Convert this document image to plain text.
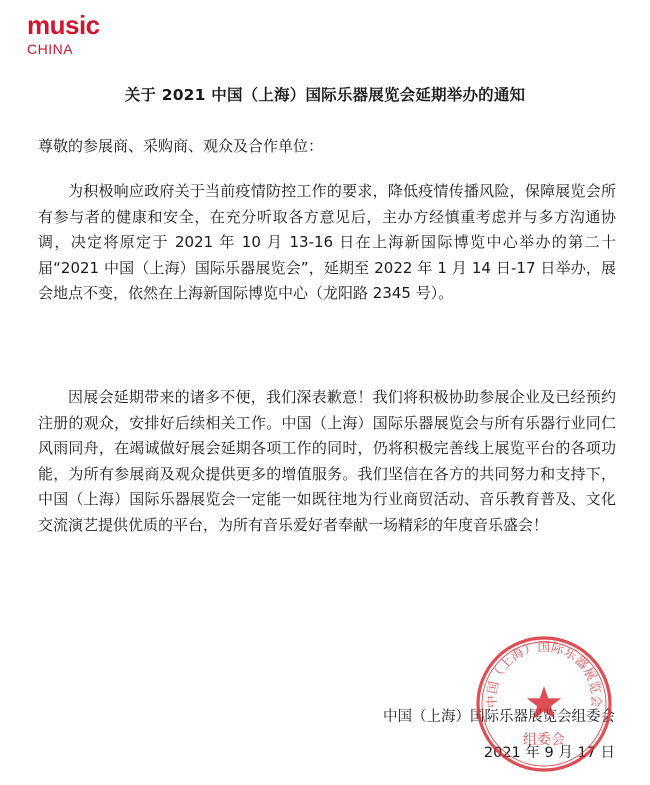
music
CHINA
关于 2021 中国（上海）国际乐器展览会延期举办的通知
尊敬的参展商、采购商、观众及合作单位：

为积极响应政府关于当前疫情防控工作的要求，降低疫情传播风险，保障展览会所有参与者的健康和安全，在充分听取各方意见后，主办方经慎重考虑并与多方沟通协调，决定将原定于 2021 年 10 月 13-16 日在上海新国际博览中心举办的第二十届“2021 中国（上海）国际乐器展览会”，延期至 2022 年 1 月 14 日-17 日举办，展会地点不变，依然在上海新国际博览中心（龙阳路 2345 号）。

因展会延期带来的诸多不便，我们深表歉意！我们将积极协助参展企业及已经预约注册的观众，安排好后续相关工作。中国（上海）国际乐器展览会与所有乐器行业同仁风雨同舟，在竭诚做好展会延期各项工作的同时，仍将积极完善线上展览平台的各项功能，为所有参展商及观众提供更多的增值服务。我们坚信在各方的共同努力和支持下，中国（上海）国际乐器展览会一定能一如既往地为行业商贸活动、音乐教育普及、文化交流演艺提供优质的平台，为所有音乐爱好者奉献一场精彩的年度音乐盛会！

中国（上海）国际乐器展览会组委会
2021 年 9 月 17 日
中国（上海）国际乐器展览会
组委会
